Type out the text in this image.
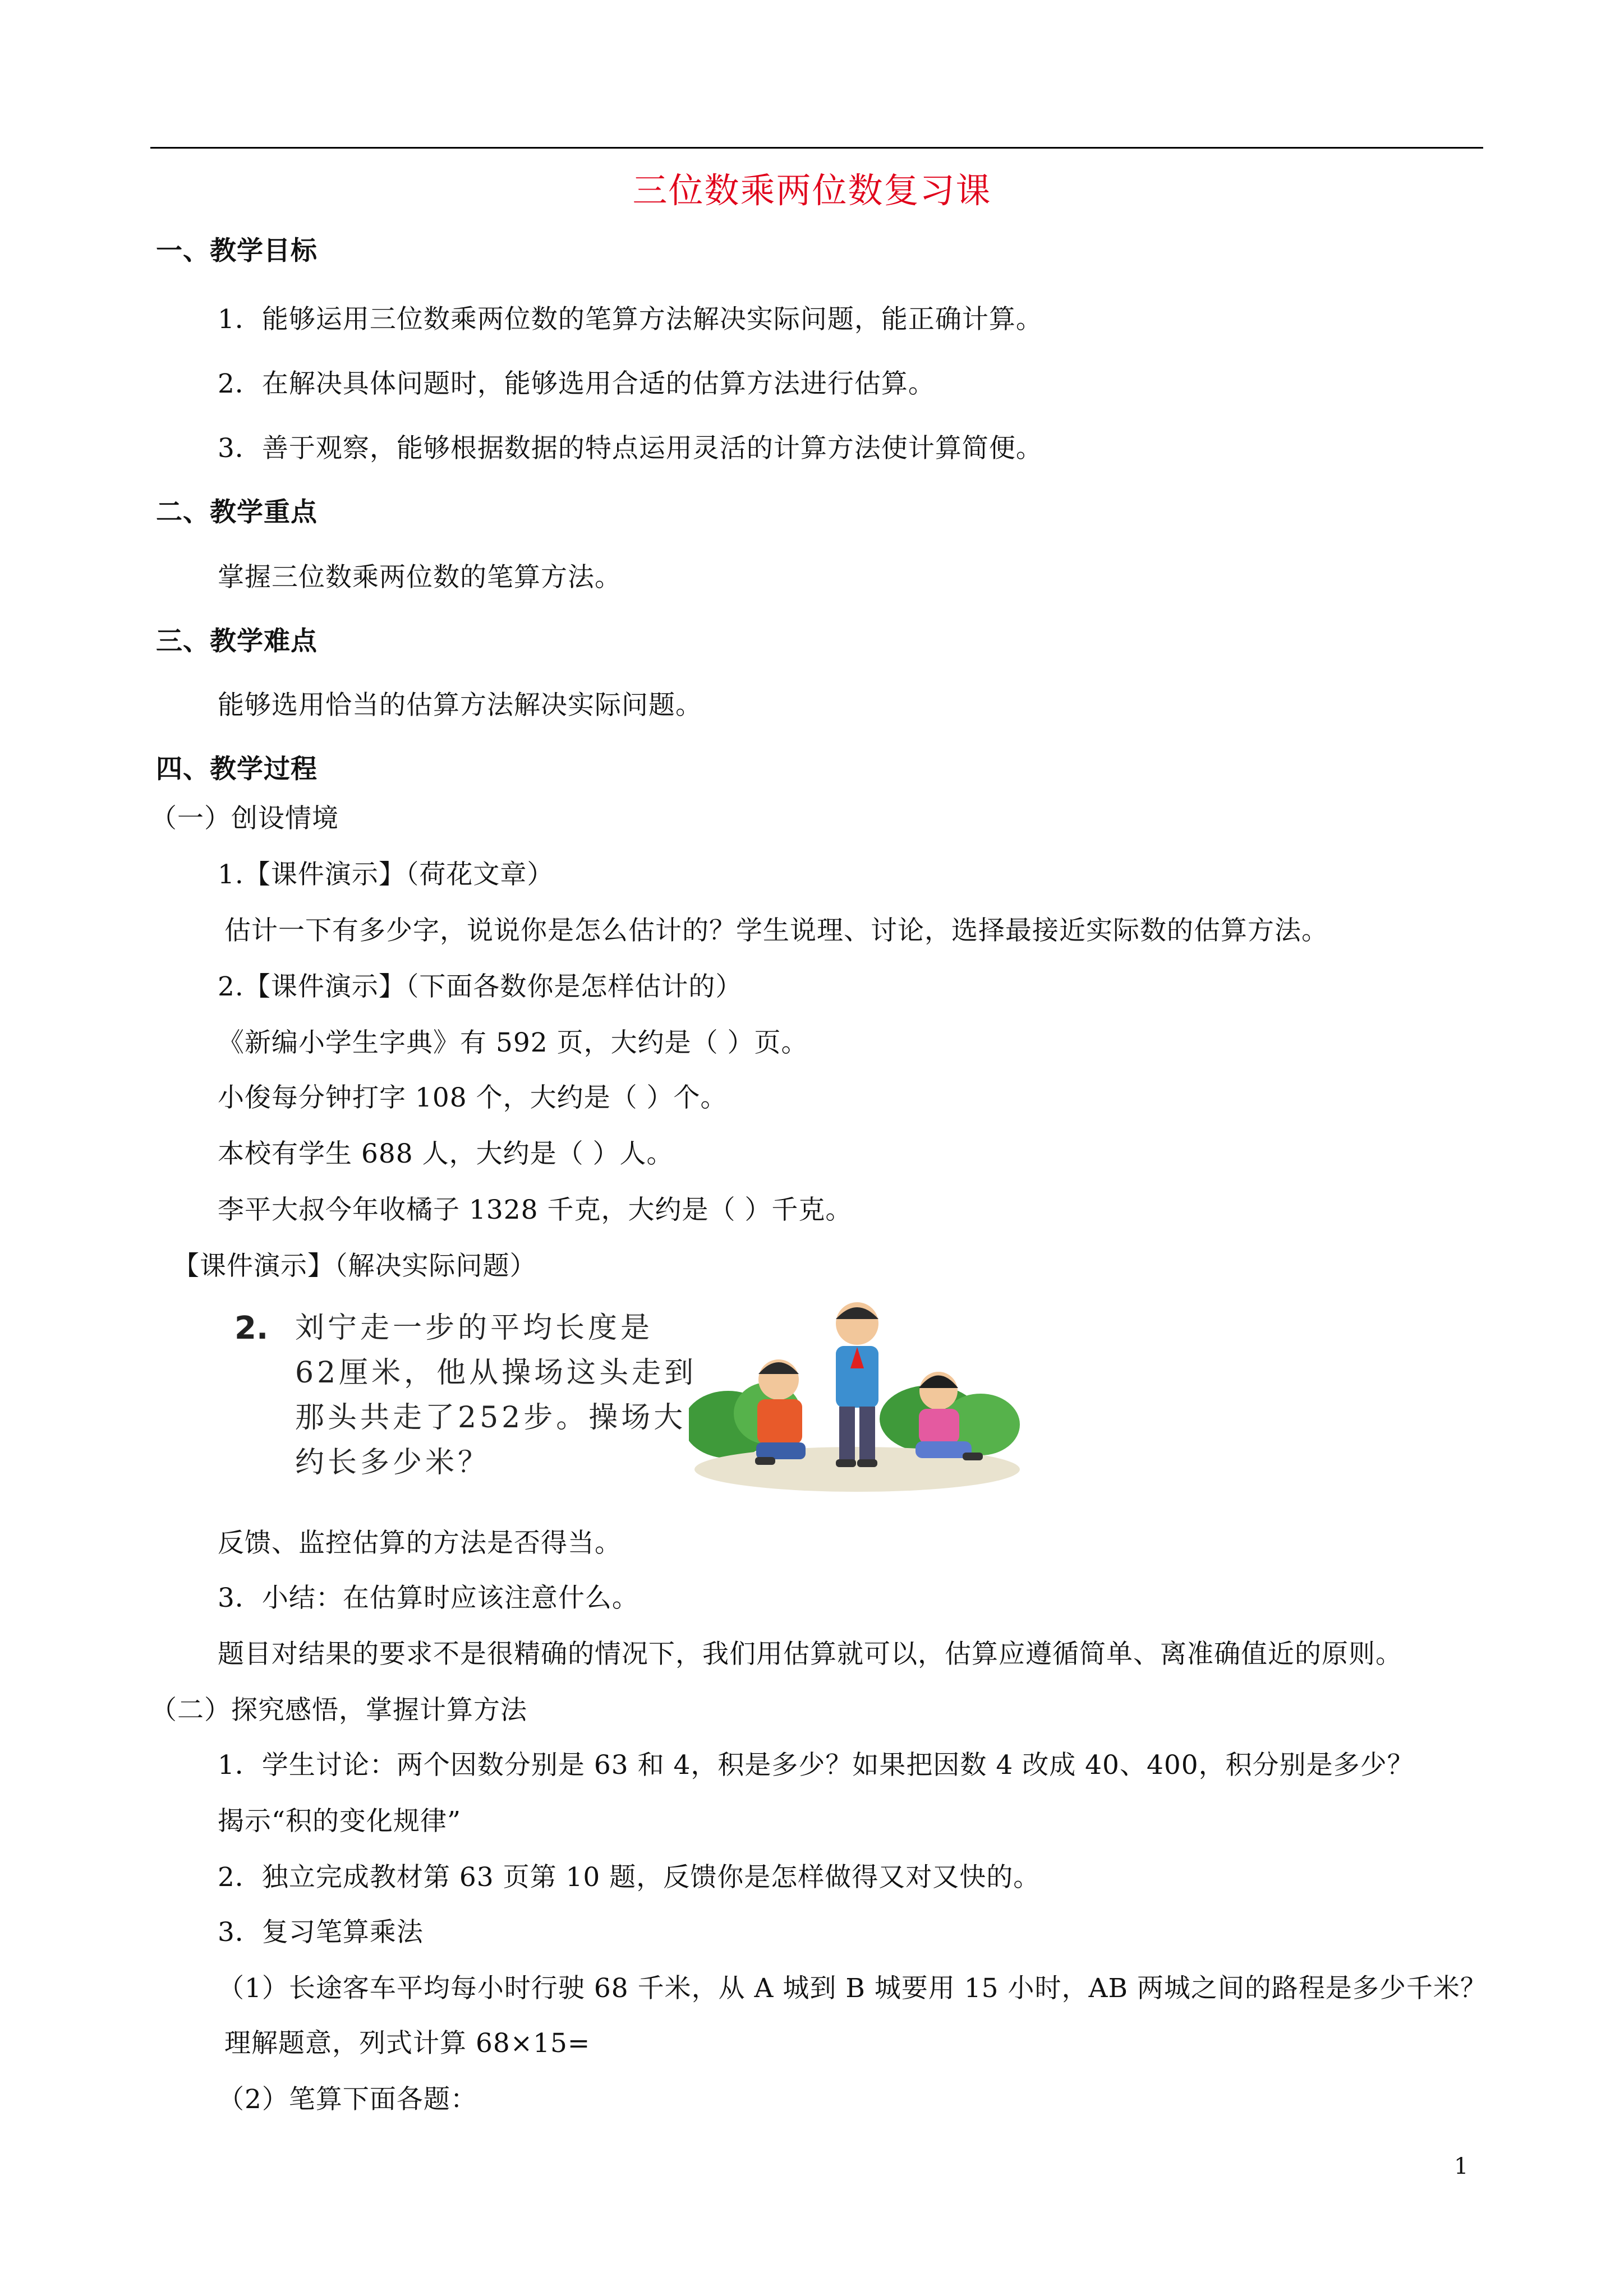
三位数乘两位数复习课
一、教学目标
1．能够运用三位数乘两位数的笔算方法解决实际问题，能正确计算。
2．在解决具体问题时，能够选用合适的估算方法进行估算。
3．善于观察，能够根据数据的特点运用灵活的计算方法使计算简便。
二、教学重点
掌握三位数乘两位数的笔算方法。
三、教学难点
能够选用恰当的估算方法解决实际问题。
四、教学过程
（一）创设情境
1.【课件演示】（荷花文章）
估计一下有多少字，说说你是怎么估计的？学生说理、讨论，选择最接近实际数的估算方法。
2.【课件演示】（下面各数你是怎样估计的）
《新编小学生字典》有 592 页，大约是（ ）页。
小俊每分钟打字 108 个，大约是（ ）个。
本校有学生 688 人，大约是（ ）人。
李平大叔今年收橘子 1328 千克，大约是（ ）千克。
【课件演示】（解决实际问题）
2. 刘宁走一步的平均长度是
62厘米，他从操场这头走到
那头共走了252步。操场大
约长多少米？
反馈、监控估算的方法是否得当。
3．小结：在估算时应该注意什么。
题目对结果的要求不是很精确的情况下，我们用估算就可以，估算应遵循简单、离准确值近的原则。
（二）探究感悟，掌握计算方法
1．学生讨论：两个因数分别是 63 和 4，积是多少？如果把因数 4 改成 40、400，积分别是多少？
揭示“积的变化规律”
2．独立完成教材第 63 页第 10 题，反馈你是怎样做得又对又快的。
3．复习笔算乘法
（1）长途客车平均每小时行驶 68 千米，从 A 城到 B 城要用 15 小时，AB 两城之间的路程是多少千米？
理解题意，列式计算 68×15=
（2）笔算下面各题：
1
